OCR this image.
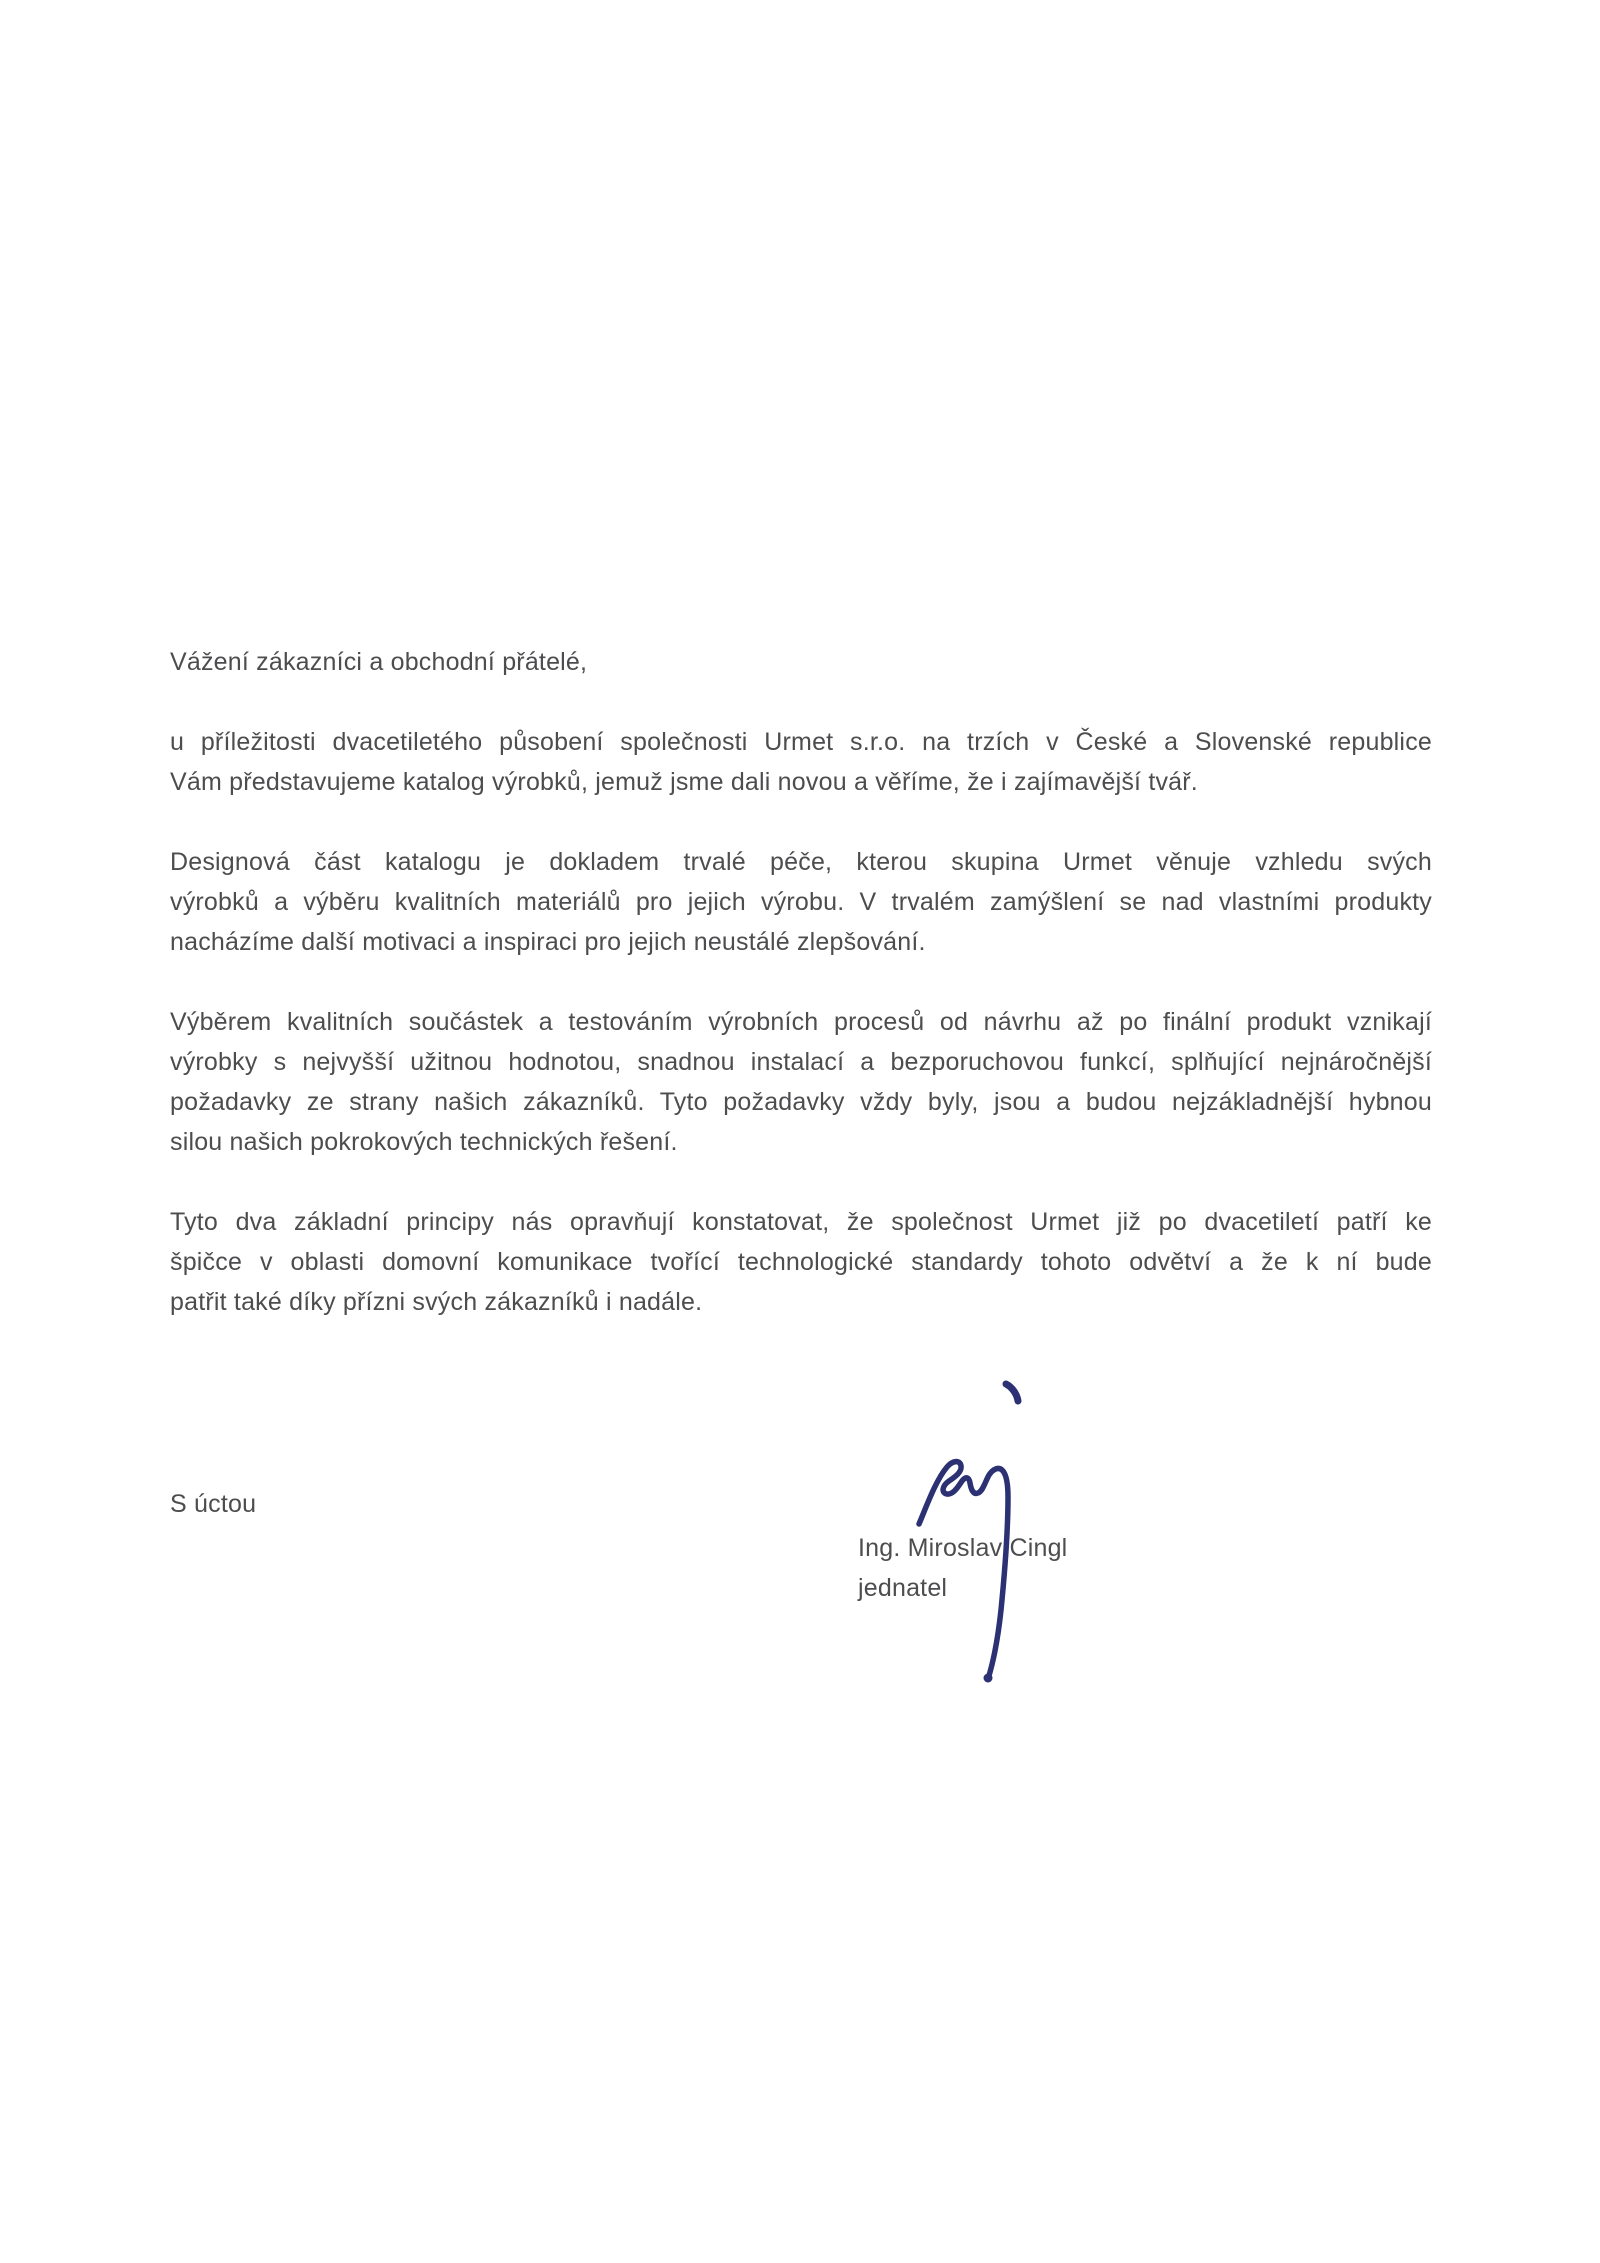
Vážení zákazníci a obchodní přátelé,
u příležitosti dvacetiletého působení společnosti Urmet s.r.o. na trzích v České a Slovenské republice
Vám představujeme katalog výrobků, jemuž jsme dali novou a věříme, že i zajímavější tvář.
Designová část katalogu je dokladem trvalé péče, kterou skupina Urmet věnuje vzhledu svých
výrobků a výběru kvalitních materiálů pro jejich výrobu. V trvalém zamýšlení se nad vlastními produkty
nacházíme další motivaci a inspiraci pro jejich neustálé zlepšování.
Výběrem kvalitních součástek a testováním výrobních procesů od návrhu až po finální produkt vznikají
výrobky s nejvyšší užitnou hodnotou, snadnou instalací a bezporuchovou funkcí, splňující nejnáročnější
požadavky ze strany našich zákazníků. Tyto požadavky vždy byly, jsou a budou nejzákladnější hybnou
silou našich pokrokových technických řešení.
Tyto dva základní principy nás opravňují konstatovat, že společnost Urmet již po dvacetiletí patří ke
špičce v oblasti domovní komunikace tvořící technologické standardy tohoto odvětví a že k ní bude
patřit také díky přízni svých zákazníků i nadále.
S úctou
Ing. Miroslav Cingl
jednatel
